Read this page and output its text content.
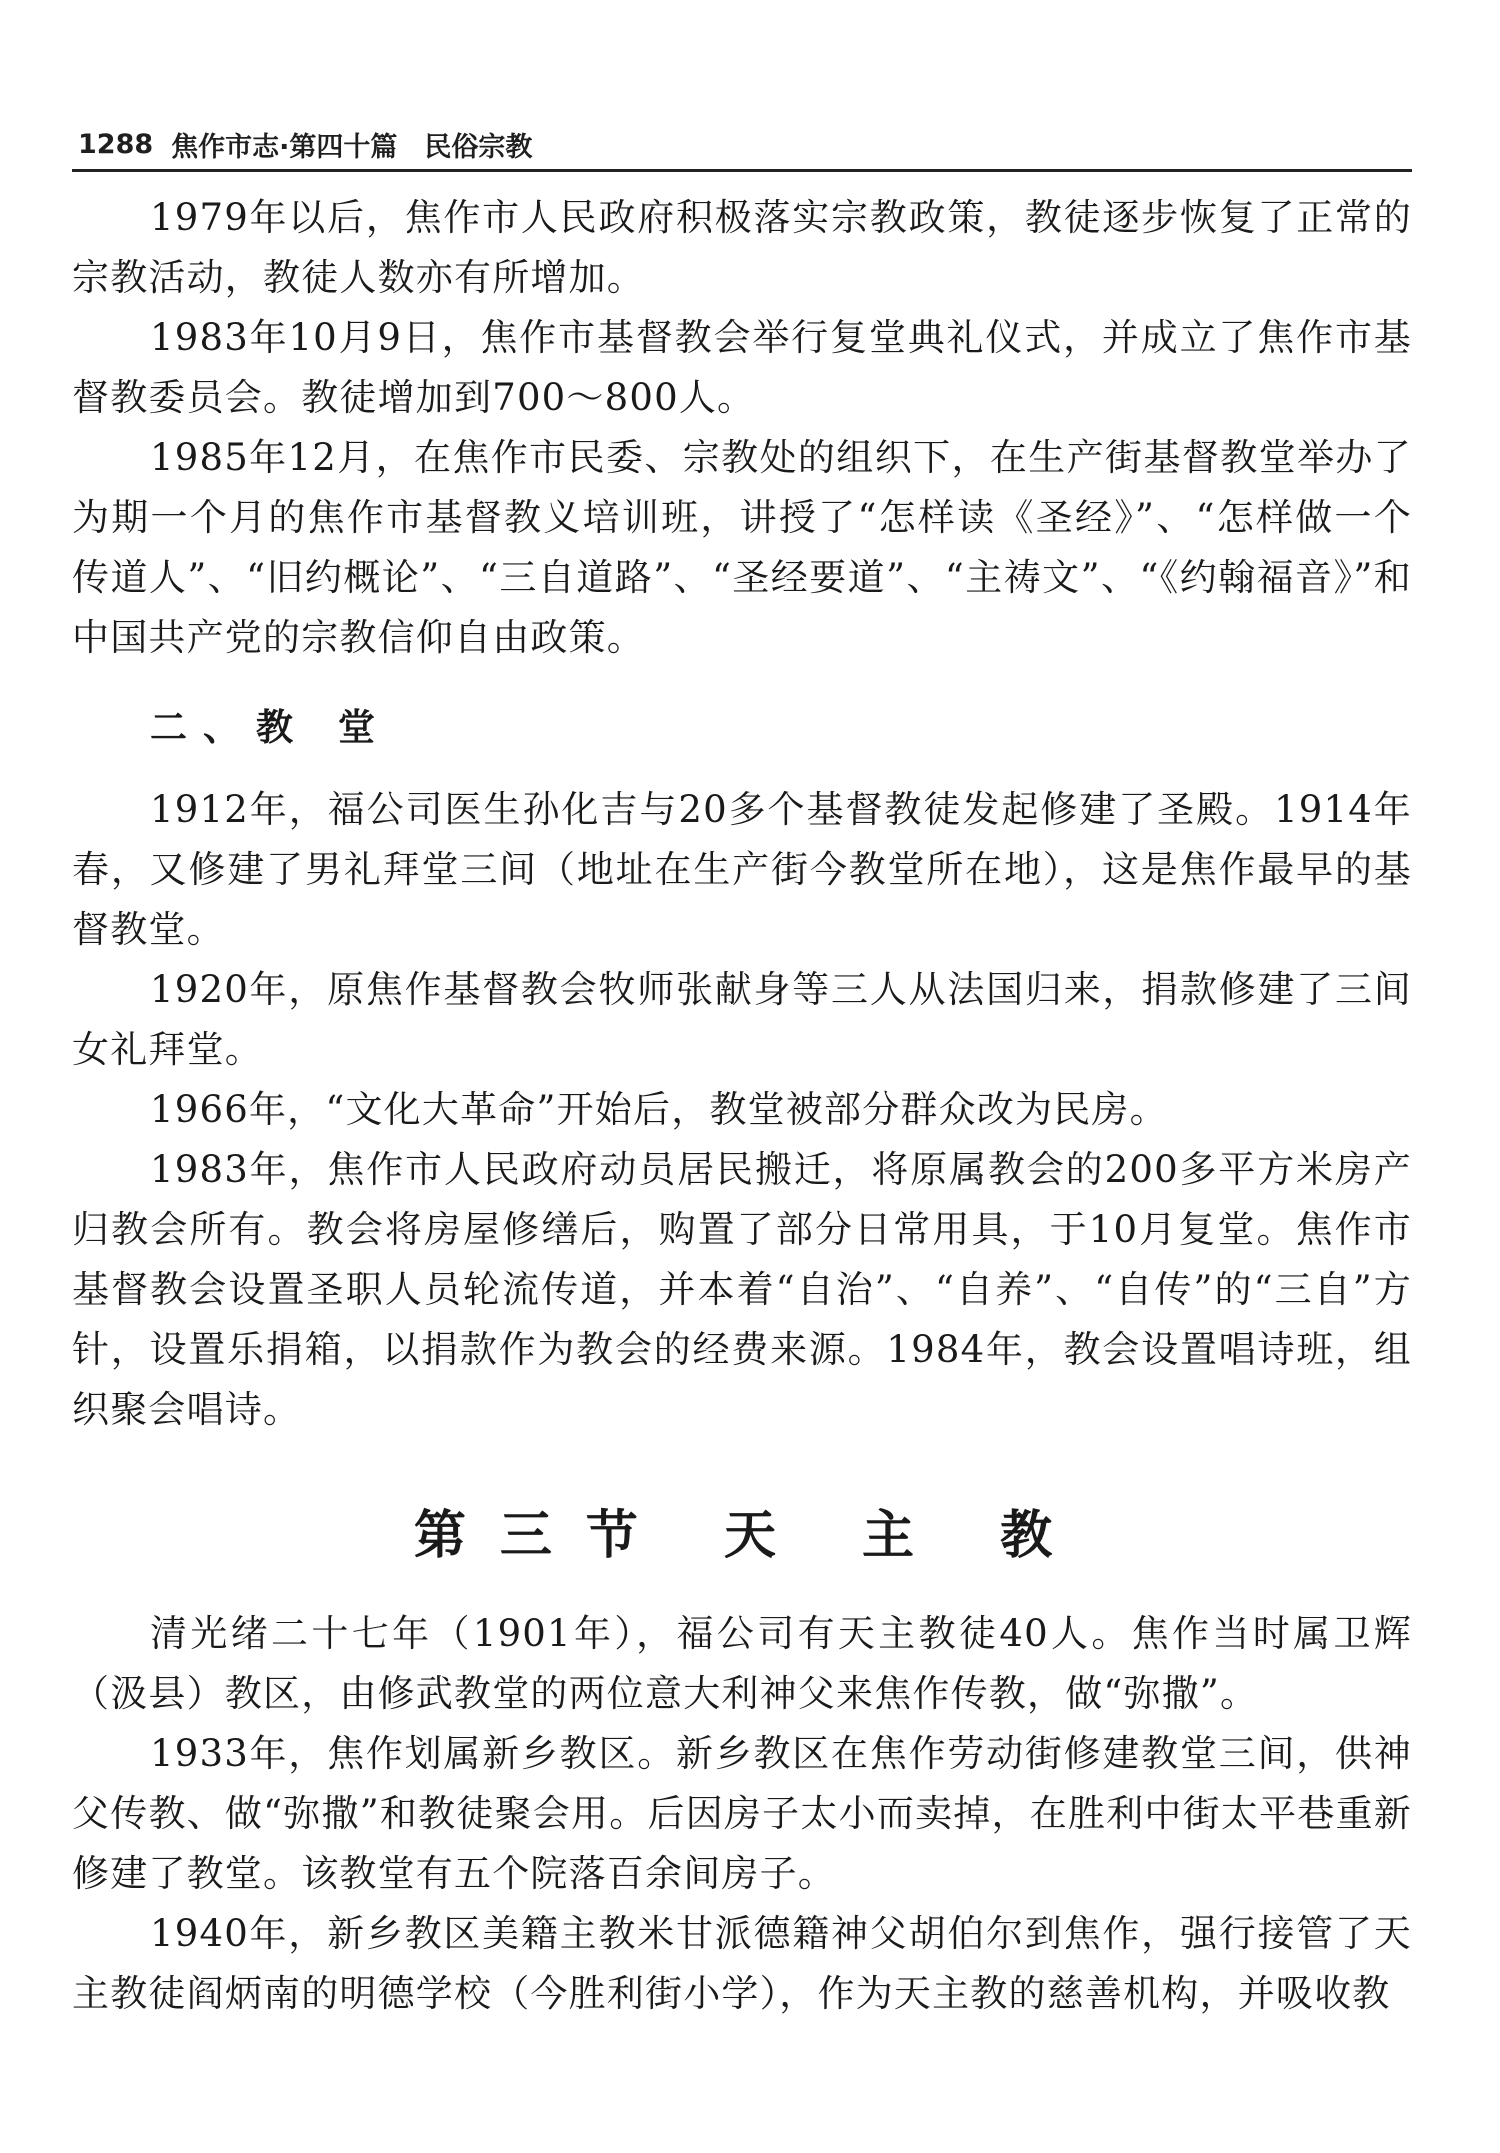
1288 焦作市志·第四十篇　民俗宗教

1979年以后，焦作市人民政府积极落实宗教政策，教徒逐步恢复了正常的宗教活动，教徒人数亦有所增加。

1983年10月9日，焦作市基督教会举行复堂典礼仪式，并成立了焦作市基督教委员会。教徒增加到700～800人。

1985年12月，在焦作市民委、宗教处的组织下，在生产街基督教堂举办了为期一个月的焦作市基督教义培训班，讲授了“怎样读《圣经》”、“怎样做一个传道人”、“旧约概论”、“三自道路”、“圣经要道”、“主祷文”、“《约翰福音》”和中国共产党的宗教信仰自由政策。

二、教 堂

1912年，福公司医生孙化吉与20多个基督教徒发起修建了圣殿。1914年春，又修建了男礼拜堂三间（地址在生产街今教堂所在地），这是焦作最早的基督教堂。

1920年，原焦作基督教会牧师张献身等三人从法国归来，捐款修建了三间女礼拜堂。

1966年，“文化大革命”开始后，教堂被部分群众改为民房。

1983年，焦作市人民政府动员居民搬迁，将原属教会的200多平方米房产归教会所有。教会将房屋修缮后，购置了部分日常用具，于10月复堂。焦作市基督教会设置圣职人员轮流传道，并本着“自治”、“自养”、“自传”的“三自”方针，设置乐捐箱，以捐款作为教会的经费来源。1984年，教会设置唱诗班，组织聚会唱诗。

第三节 天 主 教

清光绪二十七年（1901年），福公司有天主教徒40人。焦作当时属卫辉（汲县）教区，由修武教堂的两位意大利神父来焦作传教，做“弥撒”。

1933年，焦作划属新乡教区。新乡教区在焦作劳动街修建教堂三间，供神父传教、做“弥撒”和教徒聚会用。后因房子太小而卖掉，在胜利中街太平巷重新修建了教堂。该教堂有五个院落百余间房子。

1940年，新乡教区美籍主教米甘派德籍神父胡伯尔到焦作，强行接管了天主教徒阎炳南的明德学校（今胜利街小学），作为天主教的慈善机构，并吸收教
